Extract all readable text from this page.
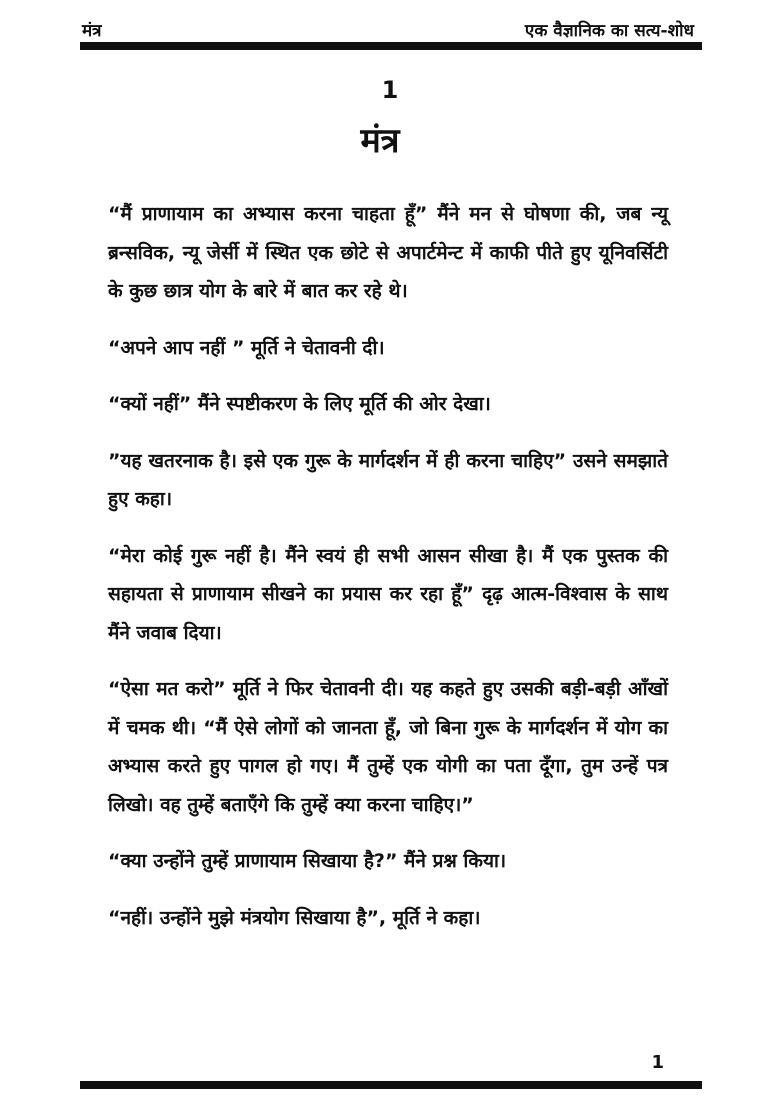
मंत्र	एक वैज्ञानिक का सत्य-शोध
1
मंत्र

“मैं प्राणायाम का अभ्यास करना चाहता हूँ” मैंने मन से घोषणा की, जब न्यू ब्रन्सविक, न्यू जेर्सी में स्थित एक छोटे से अपार्टमेन्ट में काफी पीते हुए यूनिवर्सिटी के कुछ छात्र योग के बारे में बात कर रहे थे।

“अपने आप नहीं ” मूर्ति ने चेतावनी दी।

“क्यों नहीं” मैंने स्पष्टीकरण के लिए मूर्ति की ओर देखा।

”यह खतरनाक है। इसे एक गुरू के मार्गदर्शन में ही करना चाहिए” उसने समझाते हुए कहा।

“मेरा कोई गुरू नहीं है। मैंने स्वयं ही सभी आसन सीखा है। मैं एक पुस्तक की सहायता से प्राणायाम सीखने का प्रयास कर रहा हूँ” दृढ़ आत्म-विश्वास के साथ मैंने जवाब दिया।

“ऐसा मत करो” मूर्ति ने फिर चेतावनी दी। यह कहते हुए उसकी बड़ी-बड़ी आँखों में चमक थी। “मैं ऐसे लोगों को जानता हूँ, जो बिना गुरू के मार्गदर्शन में योग का अभ्यास करते हुए पागल हो गए। मैं तुम्हें एक योगी का पता दूँगा, तुम उन्हें पत्र लिखो। वह तुम्हें बताएँगे कि तुम्हें क्या करना चाहिए।”

“क्या उन्होंने तुम्हें प्राणायाम सिखाया है?” मैंने प्रश्न किया।

“नहीं। उन्होंने मुझे मंत्रयोग सिखाया है”, मूर्ति ने कहा।

1
